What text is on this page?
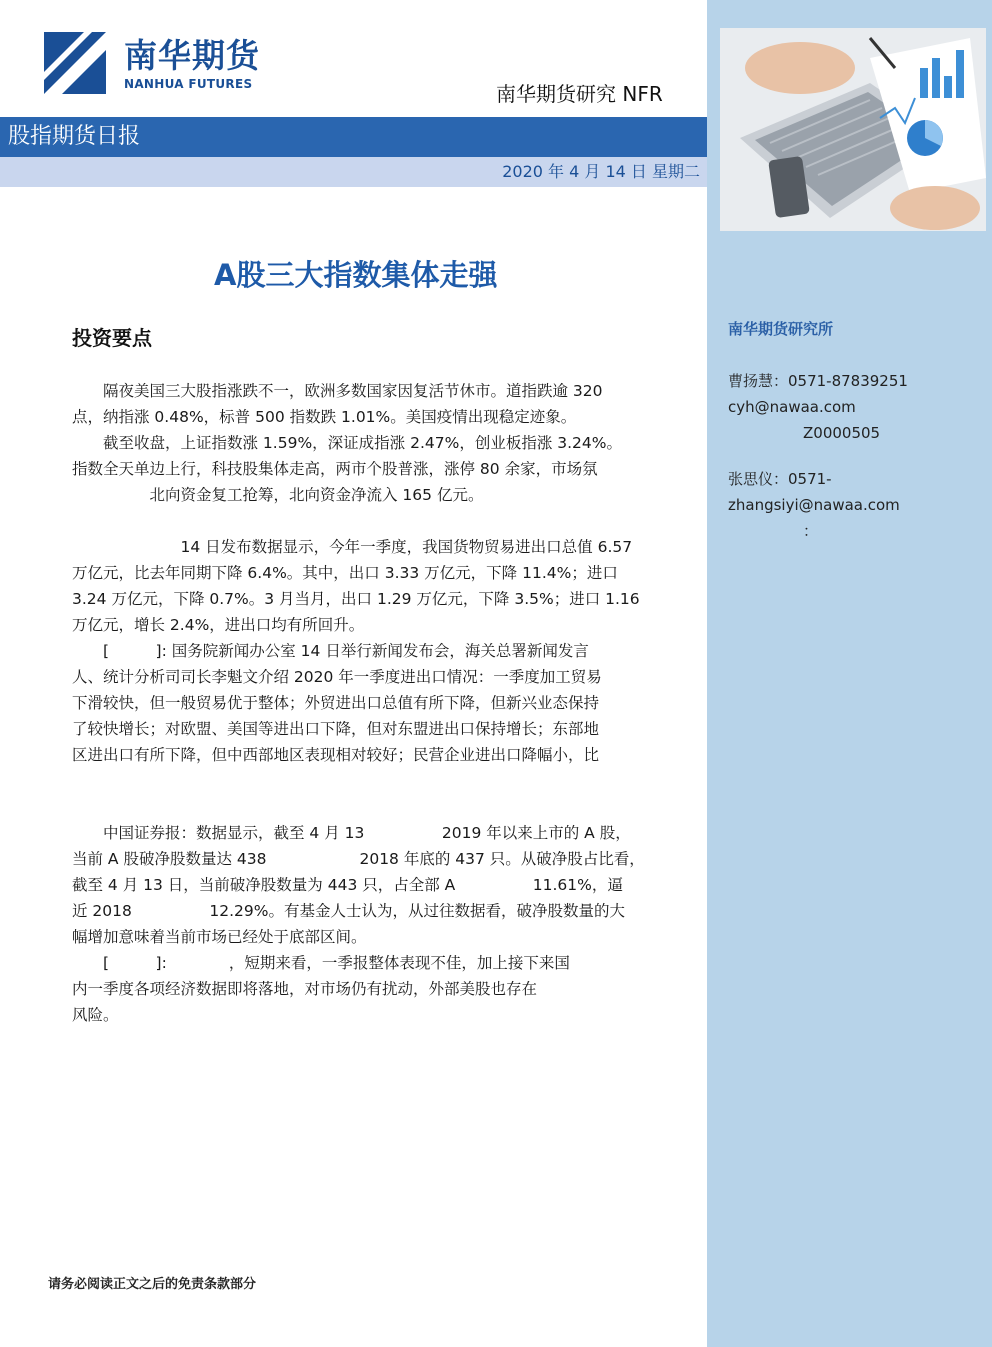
南华期货
NANHUA FUTURES	南华期货研究 NFR
股指期货日报
2020 年 4 月 14 日 星期二
A股三大指数集体走强
投资要点
　　隔夜美国三大股指涨跌不一，欧洲多数国家因复活节休市。道指跌逾 320
点，纳指涨 0.48%，标普 500 指数跌 1.01%。美国疫情出现稳定迹象。
　　截至收盘，上证指数涨 1.59%，深证成指涨 2.47%，创业板指涨 3.24%。
指数全天单边上行，科技股集体走高，两市个股普涨，涨停 80 余家，市场氛
　　　　　北向资金复工抢筹，北向资金净流入 165 亿元。
　　　　　　　14 日发布数据显示，今年一季度，我国货物贸易进出口总值 6.57
万亿元，比去年同期下降 6.4%。其中，出口 3.33 万亿元，下降 11.4%；进口
3.24 万亿元，下降 0.7%。3 月当月，出口 1.29 万亿元，下降 3.5%；进口 1.16
万亿元，增长 2.4%，进出口均有所回升。
　　[　　　]: 国务院新闻办公室 14 日举行新闻发布会，海关总署新闻发言
人、统计分析司司长李魁文介绍 2020 年一季度进出口情况：一季度加工贸易
下滑较快，但一般贸易优于整体；外贸进出口总值有所下降，但新兴业态保持
了较快增长；对欧盟、美国等进出口下降，但对东盟进出口保持增长；东部地
区进出口有所下降，但中西部地区表现相对较好；民营企业进出口降幅小，比
　　中国证券报：数据显示，截至 4 月 13　　　　　2019 年以来上市的 A 股，
当前 A 股破净股数量达 438　　　　　　2018 年底的 437 只。从破净股占比看，
截至 4 月 13 日，当前破净股数量为 443 只，占全部 A　　　　　11.61%，逼
近 2018　　　　　12.29%。有基金人士认为，从过往数据看，破净股数量的大
幅增加意味着当前市场已经处于底部区间。
　　[　　　]:　　　　，短期来看，一季报整体表现不佳，加上接下来国
内一季度各项经济数据即将落地，对市场仍有扰动，外部美股也存在
风险。
南华期货研究所
曹扬慧：0571-87839251
cyh@nawaa.com
　　　　　Z0000505
张思仪：0571-
zhangsiyi@nawaa.com
　　　　　：
请务必阅读正文之后的免责条款部分
